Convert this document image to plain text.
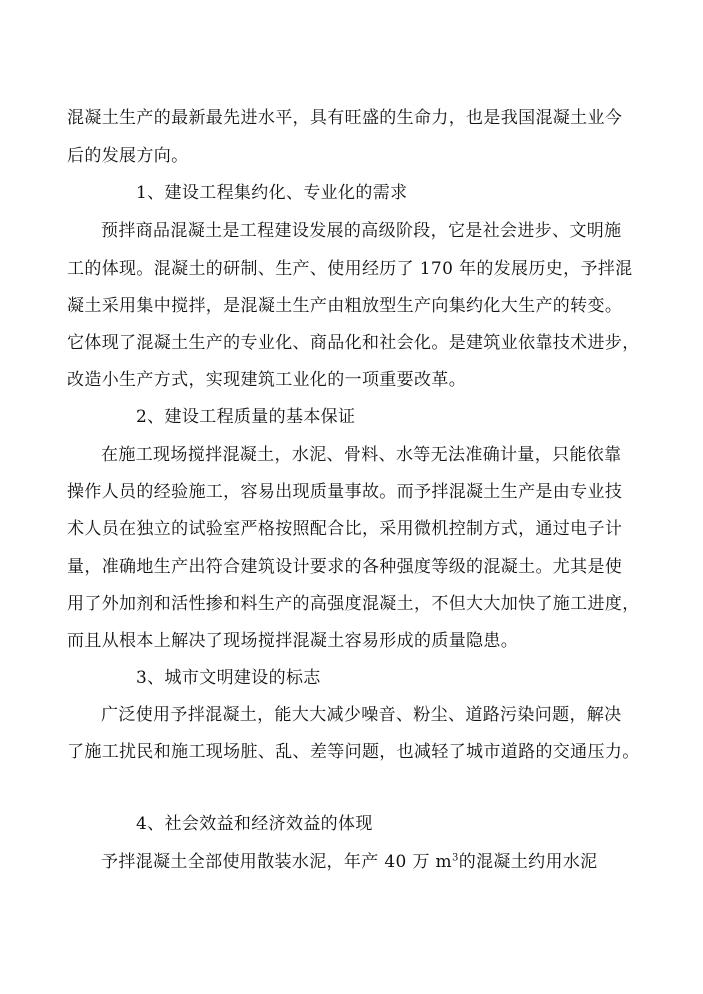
混凝土生产的最新最先进水平，具有旺盛的生命力，也是我国混凝土业今
后的发展方向。
1、建设工程集约化、专业化的需求
预拌商品混凝土是工程建设发展的高级阶段，它是社会进步、文明施
工的体现。混凝土的研制、生产、使用经历了 170 年的发展历史，予拌混
凝土采用集中搅拌，是混凝土生产由粗放型生产向集约化大生产的转变。
它体现了混凝土生产的专业化、商品化和社会化。是建筑业依靠技术进步，
改造小生产方式，实现建筑工业化的一项重要改革。
2、建设工程质量的基本保证
在施工现场搅拌混凝土，水泥、骨料、水等无法准确计量，只能依靠
操作人员的经验施工，容易出现质量事故。而予拌混凝土生产是由专业技
术人员在独立的试验室严格按照配合比，采用微机控制方式，通过电子计
量，准确地生产出符合建筑设计要求的各种强度等级的混凝土。尤其是使
用了外加剂和活性掺和料生产的高强度混凝土，不但大大加快了施工进度，
而且从根本上解决了现场搅拌混凝土容易形成的质量隐患。
3、城市文明建设的标志
广泛使用予拌混凝土，能大大减少噪音、粉尘、道路污染问题，解决
了施工扰民和施工现场脏、乱、差等问题，也减轻了城市道路的交通压力。
4、社会效益和经济效益的体现
予拌混凝土全部使用散装水泥，年产 40 万 $m^3$的混凝土约用水泥
